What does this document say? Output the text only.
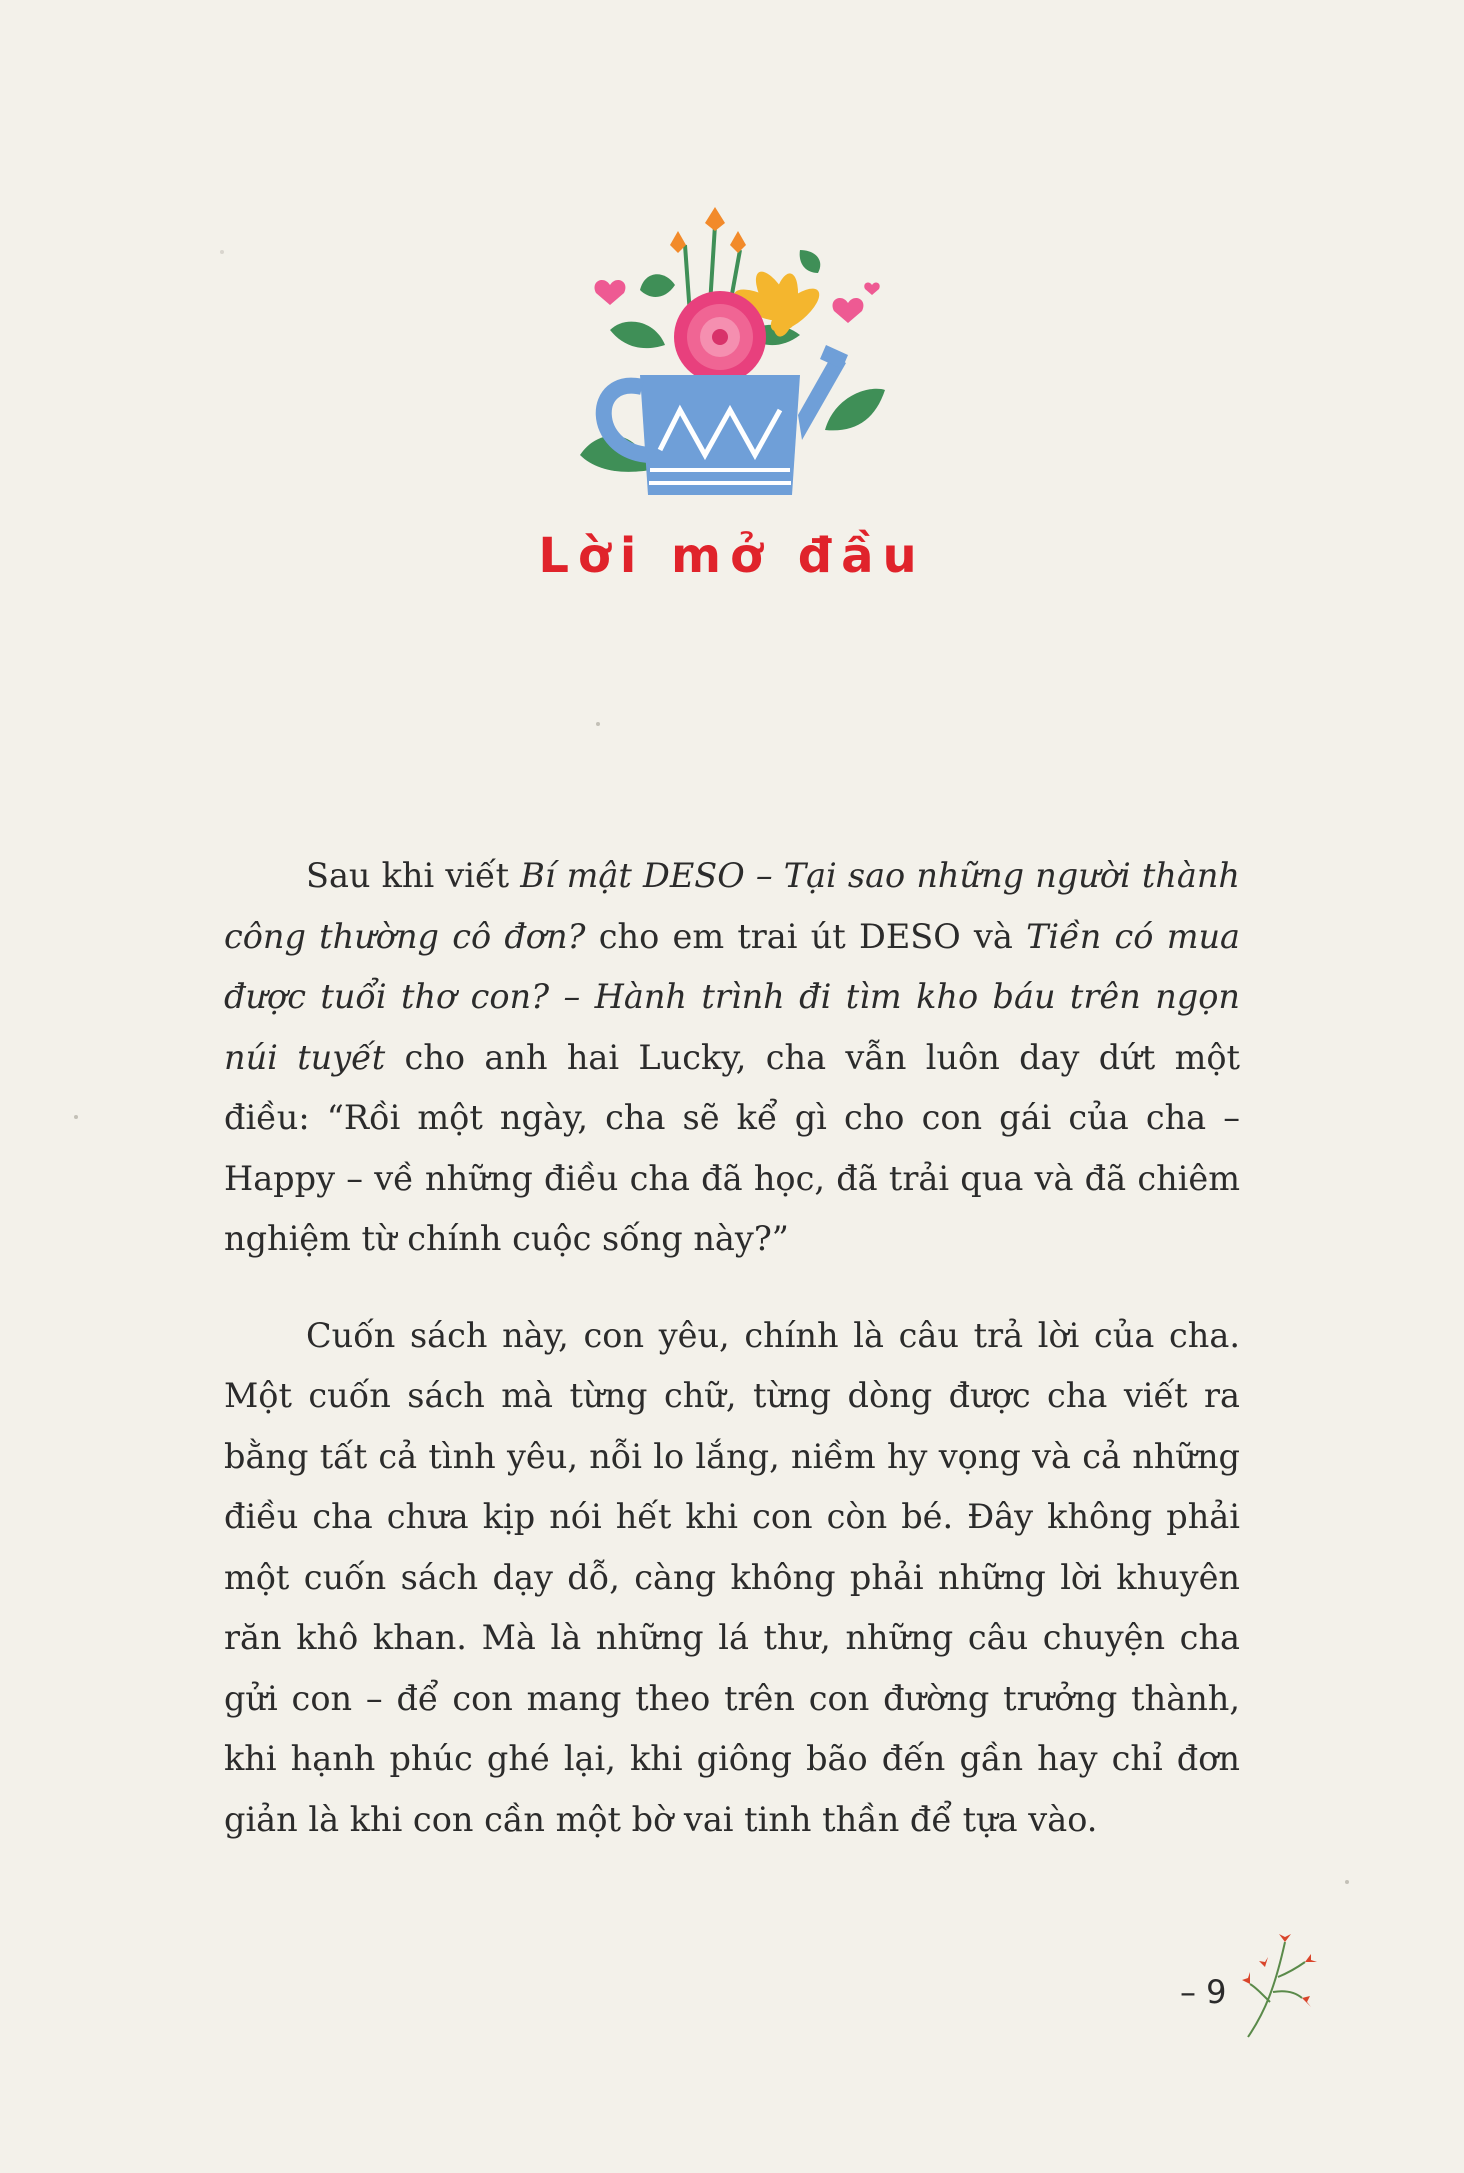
Lời mở đầu

Sau khi viết Bí mật DESO – Tại sao những người thành công thường cô đơn? cho em trai út DESO và Tiền có mua được tuổi thơ con? – Hành trình đi tìm kho báu trên ngọn núi tuyết cho anh hai Lucky, cha vẫn luôn day dứt một điều: “Rồi một ngày, cha sẽ kể gì cho con gái của cha – Happy – về những điều cha đã học, đã trải qua và đã chiêm nghiệm từ chính cuộc sống này?”

Cuốn sách này, con yêu, chính là câu trả lời của cha. Một cuốn sách mà từng chữ, từng dòng được cha viết ra bằng tất cả tình yêu, nỗi lo lắng, niềm hy vọng và cả những điều cha chưa kịp nói hết khi con còn bé. Đây không phải một cuốn sách dạy dỗ, càng không phải những lời khuyên răn khô khan. Mà là những lá thư, những câu chuyện cha gửi con – để con mang theo trên con đường trưởng thành, khi hạnh phúc ghé lại, khi giông bão đến gần hay chỉ đơn giản là khi con cần một bờ vai tinh thần để tựa vào.

– 9
